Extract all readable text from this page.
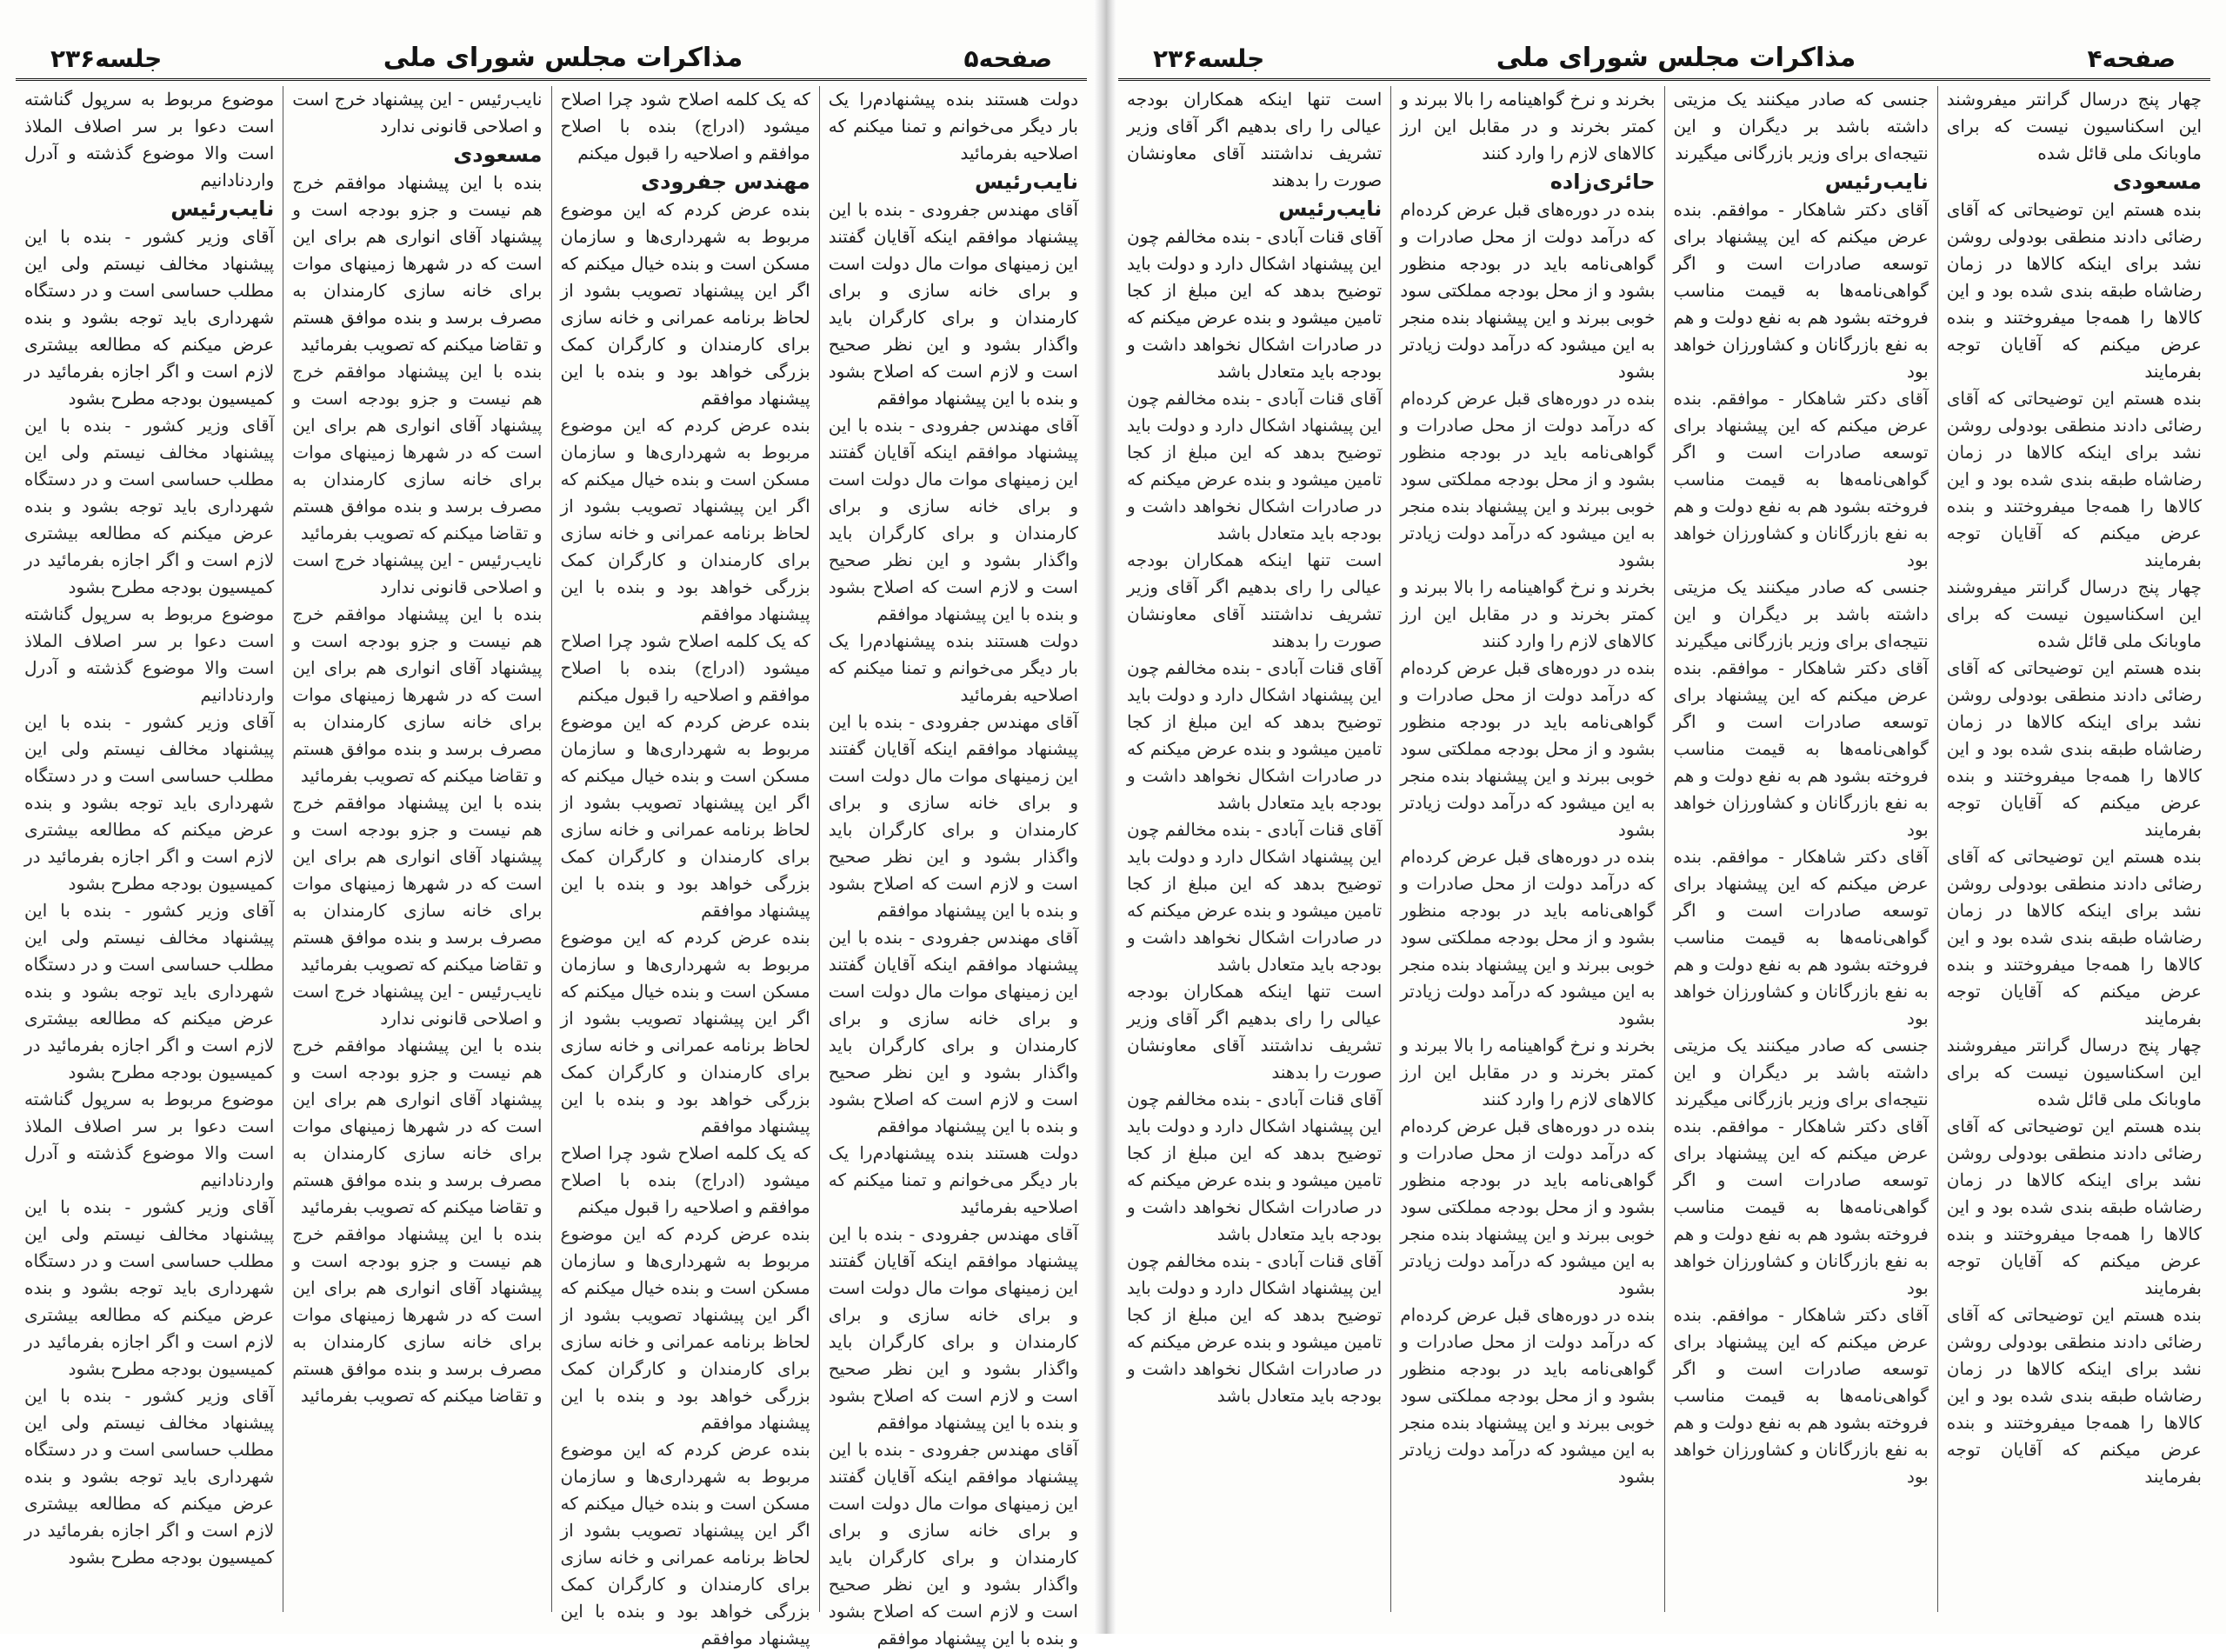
صفحه۵
مذاکرات مجلس شورای ملی
جلسه۲۳۶

دولت هستند بنده پیشنهادم‌را یک بار دیگر می‌خوانم و تمنا میکنم که اصلاحیه بفرمائید

نایب‌رئیس

آقای مهندس جفرودی - بنده با این پیشنهاد موافقم اینکه آقایان گفتند این زمینهای موات مال دولت است و برای خانه سازی و برای کارمندان و برای کارگران باید واگذار بشود و این نظر صحیح است و لازم است که اصلاح بشود و بنده با این پیشنهاد موافقم

آقای مهندس جفرودی - بنده با این پیشنهاد موافقم اینکه آقایان گفتند این زمینهای موات مال دولت است و برای خانه سازی و برای کارمندان و برای کارگران باید واگذار بشود و این نظر صحیح است و لازم است که اصلاح بشود و بنده با این پیشنهاد موافقم

دولت هستند بنده پیشنهادم‌را یک بار دیگر می‌خوانم و تمنا میکنم که اصلاحیه بفرمائید

آقای مهندس جفرودی - بنده با این پیشنهاد موافقم اینکه آقایان گفتند این زمینهای موات مال دولت است و برای خانه سازی و برای کارمندان و برای کارگران باید واگذار بشود و این نظر صحیح است و لازم است که اصلاح بشود و بنده با این پیشنهاد موافقم

آقای مهندس جفرودی - بنده با این پیشنهاد موافقم اینکه آقایان گفتند این زمینهای موات مال دولت است و برای خانه سازی و برای کارمندان و برای کارگران باید واگذار بشود و این نظر صحیح است و لازم است که اصلاح بشود و بنده با این پیشنهاد موافقم

دولت هستند بنده پیشنهادم‌را یک بار دیگر می‌خوانم و تمنا میکنم که اصلاحیه بفرمائید

آقای مهندس جفرودی - بنده با این پیشنهاد موافقم اینکه آقایان گفتند این زمینهای موات مال دولت است و برای خانه سازی و برای کارمندان و برای کارگران باید واگذار بشود و این نظر صحیح است و لازم است که اصلاح بشود و بنده با این پیشنهاد موافقم

آقای مهندس جفرودی - بنده با این پیشنهاد موافقم اینکه آقایان گفتند این زمینهای موات مال دولت است و برای خانه سازی و برای کارمندان و برای کارگران باید واگذار بشود و این نظر صحیح است و لازم است که اصلاح بشود و بنده با این پیشنهاد موافقم

که یک کلمه اصلاح شود چرا اصلاح میشود (ادراج) بنده با اصلاح موافقم و اصلاحیه را قبول میکنم

مهندس جفرودی

بنده عرض کردم که این موضوع مربوط به شهرداری‌ها و سازمان مسکن است و بنده خیال میکنم که اگر این پیشنهاد تصویب بشود از لحاظ برنامه عمرانی و خانه سازی برای کارمندان و کارگران کمک بزرگی خواهد بود و بنده با این پیشنهاد موافقم

بنده عرض کردم که این موضوع مربوط به شهرداری‌ها و سازمان مسکن است و بنده خیال میکنم که اگر این پیشنهاد تصویب بشود از لحاظ برنامه عمرانی و خانه سازی برای کارمندان و کارگران کمک بزرگی خواهد بود و بنده با این پیشنهاد موافقم

که یک کلمه اصلاح شود چرا اصلاح میشود (ادراج) بنده با اصلاح موافقم و اصلاحیه را قبول میکنم

بنده عرض کردم که این موضوع مربوط به شهرداری‌ها و سازمان مسکن است و بنده خیال میکنم که اگر این پیشنهاد تصویب بشود از لحاظ برنامه عمرانی و خانه سازی برای کارمندان و کارگران کمک بزرگی خواهد بود و بنده با این پیشنهاد موافقم

بنده عرض کردم که این موضوع مربوط به شهرداری‌ها و سازمان مسکن است و بنده خیال میکنم که اگر این پیشنهاد تصویب بشود از لحاظ برنامه عمرانی و خانه سازی برای کارمندان و کارگران کمک بزرگی خواهد بود و بنده با این پیشنهاد موافقم

که یک کلمه اصلاح شود چرا اصلاح میشود (ادراج) بنده با اصلاح موافقم و اصلاحیه را قبول میکنم

بنده عرض کردم که این موضوع مربوط به شهرداری‌ها و سازمان مسکن است و بنده خیال میکنم که اگر این پیشنهاد تصویب بشود از لحاظ برنامه عمرانی و خانه سازی برای کارمندان و کارگران کمک بزرگی خواهد بود و بنده با این پیشنهاد موافقم

بنده عرض کردم که این موضوع مربوط به شهرداری‌ها و سازمان مسکن است و بنده خیال میکنم که اگر این پیشنهاد تصویب بشود از لحاظ برنامه عمرانی و خانه سازی برای کارمندان و کارگران کمک بزرگی خواهد بود و بنده با این پیشنهاد موافقم

نایب‌رئیس - این پیشنهاد خرج است و اصلاحی قانونی ندارد

مسعودی

بنده با این پیشنهاد موافقم خرج هم نیست و جزو بودجه است و پیشنهاد آقای انواری هم برای این است که در شهرها زمینهای موات برای خانه سازی کارمندان به مصرف برسد و بنده موافق هستم و تقاضا میکنم که تصویب بفرمائید

بنده با این پیشنهاد موافقم خرج هم نیست و جزو بودجه است و پیشنهاد آقای انواری هم برای این است که در شهرها زمینهای موات برای خانه سازی کارمندان به مصرف برسد و بنده موافق هستم و تقاضا میکنم که تصویب بفرمائید

نایب‌رئیس - این پیشنهاد خرج است و اصلاحی قانونی ندارد

بنده با این پیشنهاد موافقم خرج هم نیست و جزو بودجه است و پیشنهاد آقای انواری هم برای این است که در شهرها زمینهای موات برای خانه سازی کارمندان به مصرف برسد و بنده موافق هستم و تقاضا میکنم که تصویب بفرمائید

بنده با این پیشنهاد موافقم خرج هم نیست و جزو بودجه است و پیشنهاد آقای انواری هم برای این است که در شهرها زمینهای موات برای خانه سازی کارمندان به مصرف برسد و بنده موافق هستم و تقاضا میکنم که تصویب بفرمائید

نایب‌رئیس - این پیشنهاد خرج است و اصلاحی قانونی ندارد

بنده با این پیشنهاد موافقم خرج هم نیست و جزو بودجه است و پیشنهاد آقای انواری هم برای این است که در شهرها زمینهای موات برای خانه سازی کارمندان به مصرف برسد و بنده موافق هستم و تقاضا میکنم که تصویب بفرمائید

بنده با این پیشنهاد موافقم خرج هم نیست و جزو بودجه است و پیشنهاد آقای انواری هم برای این است که در شهرها زمینهای موات برای خانه سازی کارمندان به مصرف برسد و بنده موافق هستم و تقاضا میکنم که تصویب بفرمائید

موضوع مربوط به سرپول گناشته است دعوا بر سر اصلاف الملاذ است والا موضوع گذشته و آدرل واردنادانیم

نایب‌رئیس

آقای وزیر کشور - بنده با این پیشنهاد مخالف نیستم ولی این مطلب حساسی است و در دستگاه شهرداری باید توجه بشود و بنده عرض میکنم که مطالعه بیشتری لازم است و اگر اجازه بفرمائید در کمیسیون بودجه مطرح بشود

آقای وزیر کشور - بنده با این پیشنهاد مخالف نیستم ولی این مطلب حساسی است و در دستگاه شهرداری باید توجه بشود و بنده عرض میکنم که مطالعه بیشتری لازم است و اگر اجازه بفرمائید در کمیسیون بودجه مطرح بشود

موضوع مربوط به سرپول گناشته است دعوا بر سر اصلاف الملاذ است والا موضوع گذشته و آدرل واردنادانیم

آقای وزیر کشور - بنده با این پیشنهاد مخالف نیستم ولی این مطلب حساسی است و در دستگاه شهرداری باید توجه بشود و بنده عرض میکنم که مطالعه بیشتری لازم است و اگر اجازه بفرمائید در کمیسیون بودجه مطرح بشود

آقای وزیر کشور - بنده با این پیشنهاد مخالف نیستم ولی این مطلب حساسی است و در دستگاه شهرداری باید توجه بشود و بنده عرض میکنم که مطالعه بیشتری لازم است و اگر اجازه بفرمائید در کمیسیون بودجه مطرح بشود

موضوع مربوط به سرپول گناشته است دعوا بر سر اصلاف الملاذ است والا موضوع گذشته و آدرل واردنادانیم

آقای وزیر کشور - بنده با این پیشنهاد مخالف نیستم ولی این مطلب حساسی است و در دستگاه شهرداری باید توجه بشود و بنده عرض میکنم که مطالعه بیشتری لازم است و اگر اجازه بفرمائید در کمیسیون بودجه مطرح بشود

آقای وزیر کشور - بنده با این پیشنهاد مخالف نیستم ولی این مطلب حساسی است و در دستگاه شهرداری باید توجه بشود و بنده عرض میکنم که مطالعه بیشتری لازم است و اگر اجازه بفرمائید در کمیسیون بودجه مطرح بشود

صفحه۴
مذاکرات مجلس شورای ملی
جلسه۲۳۶

چهار پنج درسال گرانتر میفروشند این اسکناسیون نیست که برای ماوبانک ملی قائل شده

مسعودی

بنده هستم این توضیحاتی که آقای رضائی دادند منطقی بودولی روشن نشد برای اینکه کالاها در زمان رضاشاه طبقه بندی شده بود و این کالاها را همه‌جا میفروختند و بنده عرض میکنم که آقایان توجه بفرمایند

بنده هستم این توضیحاتی که آقای رضائی دادند منطقی بودولی روشن نشد برای اینکه کالاها در زمان رضاشاه طبقه بندی شده بود و این کالاها را همه‌جا میفروختند و بنده عرض میکنم که آقایان توجه بفرمایند

چهار پنج درسال گرانتر میفروشند این اسکناسیون نیست که برای ماوبانک ملی قائل شده

بنده هستم این توضیحاتی که آقای رضائی دادند منطقی بودولی روشن نشد برای اینکه کالاها در زمان رضاشاه طبقه بندی شده بود و این کالاها را همه‌جا میفروختند و بنده عرض میکنم که آقایان توجه بفرمایند

بنده هستم این توضیحاتی که آقای رضائی دادند منطقی بودولی روشن نشد برای اینکه کالاها در زمان رضاشاه طبقه بندی شده بود و این کالاها را همه‌جا میفروختند و بنده عرض میکنم که آقایان توجه بفرمایند

چهار پنج درسال گرانتر میفروشند این اسکناسیون نیست که برای ماوبانک ملی قائل شده

بنده هستم این توضیحاتی که آقای رضائی دادند منطقی بودولی روشن نشد برای اینکه کالاها در زمان رضاشاه طبقه بندی شده بود و این کالاها را همه‌جا میفروختند و بنده عرض میکنم که آقایان توجه بفرمایند

بنده هستم این توضیحاتی که آقای رضائی دادند منطقی بودولی روشن نشد برای اینکه کالاها در زمان رضاشاه طبقه بندی شده بود و این کالاها را همه‌جا میفروختند و بنده عرض میکنم که آقایان توجه بفرمایند

جنسی که صادر میکنند یک مزیتی داشته باشد بر دیگران و این نتیجه‌ای برای وزیر بازرگانی میگیرند

نایب‌رئیس

آقای دکتر شاهکار - موافقم. بنده عرض میکنم که این پیشنهاد برای توسعه صادرات است و اگر گواهی‌نامه‌ها به قیمت مناسب فروخته بشود هم به نفع دولت و هم به نفع بازرگانان و کشاورزان خواهد بود

آقای دکتر شاهکار - موافقم. بنده عرض میکنم که این پیشنهاد برای توسعه صادرات است و اگر گواهی‌نامه‌ها به قیمت مناسب فروخته بشود هم به نفع دولت و هم به نفع بازرگانان و کشاورزان خواهد بود

جنسی که صادر میکنند یک مزیتی داشته باشد بر دیگران و این نتیجه‌ای برای وزیر بازرگانی میگیرند

آقای دکتر شاهکار - موافقم. بنده عرض میکنم که این پیشنهاد برای توسعه صادرات است و اگر گواهی‌نامه‌ها به قیمت مناسب فروخته بشود هم به نفع دولت و هم به نفع بازرگانان و کشاورزان خواهد بود

آقای دکتر شاهکار - موافقم. بنده عرض میکنم که این پیشنهاد برای توسعه صادرات است و اگر گواهی‌نامه‌ها به قیمت مناسب فروخته بشود هم به نفع دولت و هم به نفع بازرگانان و کشاورزان خواهد بود

جنسی که صادر میکنند یک مزیتی داشته باشد بر دیگران و این نتیجه‌ای برای وزیر بازرگانی میگیرند

آقای دکتر شاهکار - موافقم. بنده عرض میکنم که این پیشنهاد برای توسعه صادرات است و اگر گواهی‌نامه‌ها به قیمت مناسب فروخته بشود هم به نفع دولت و هم به نفع بازرگانان و کشاورزان خواهد بود

آقای دکتر شاهکار - موافقم. بنده عرض میکنم که این پیشنهاد برای توسعه صادرات است و اگر گواهی‌نامه‌ها به قیمت مناسب فروخته بشود هم به نفع دولت و هم به نفع بازرگانان و کشاورزان خواهد بود

بخرند و نرخ گواهینامه‌ را بالا ببرند و کمتر بخرند و در مقابل این ارز کالاهای لازم را وارد کنند

حائری‌زاده

بنده در دوره‌های قبل عرض کرده‌ام که درآمد دولت از محل صادرات و گواهی‌نامه باید در بودجه منظور بشود و از محل بودجه مملکتی سود خوبی ببرند و این پیشنهاد بنده منجر به این میشود که درآمد دولت زیادتر بشود

بنده در دوره‌های قبل عرض کرده‌ام که درآمد دولت از محل صادرات و گواهی‌نامه باید در بودجه منظور بشود و از محل بودجه مملکتی سود خوبی ببرند و این پیشنهاد بنده منجر به این میشود که درآمد دولت زیادتر بشود

بخرند و نرخ گواهینامه‌ را بالا ببرند و کمتر بخرند و در مقابل این ارز کالاهای لازم را وارد کنند

بنده در دوره‌های قبل عرض کرده‌ام که درآمد دولت از محل صادرات و گواهی‌نامه باید در بودجه منظور بشود و از محل بودجه مملکتی سود خوبی ببرند و این پیشنهاد بنده منجر به این میشود که درآمد دولت زیادتر بشود

بنده در دوره‌های قبل عرض کرده‌ام که درآمد دولت از محل صادرات و گواهی‌نامه باید در بودجه منظور بشود و از محل بودجه مملکتی سود خوبی ببرند و این پیشنهاد بنده منجر به این میشود که درآمد دولت زیادتر بشود

بخرند و نرخ گواهینامه‌ را بالا ببرند و کمتر بخرند و در مقابل این ارز کالاهای لازم را وارد کنند

بنده در دوره‌های قبل عرض کرده‌ام که درآمد دولت از محل صادرات و گواهی‌نامه باید در بودجه منظور بشود و از محل بودجه مملکتی سود خوبی ببرند و این پیشنهاد بنده منجر به این میشود که درآمد دولت زیادتر بشود

بنده در دوره‌های قبل عرض کرده‌ام که درآمد دولت از محل صادرات و گواهی‌نامه باید در بودجه منظور بشود و از محل بودجه مملکتی سود خوبی ببرند و این پیشنهاد بنده منجر به این میشود که درآمد دولت زیادتر بشود

است تنها اینکه‌ همکاران بودجه عیالی را رای بدهیم اگر آقای وزیر تشریف نداشتند آقای معاونشان صورت را بدهند

نایب‌رئیس

آقای قنات آبادی - بنده مخالفم چون این پیشنهاد اشکال دارد و دولت باید توضیح بدهد که این مبلغ از کجا تامین میشود و بنده عرض میکنم که در صادرات اشکال نخواهد داشت و بودجه باید متعادل باشد

آقای قنات آبادی - بنده مخالفم چون این پیشنهاد اشکال دارد و دولت باید توضیح بدهد که این مبلغ از کجا تامین میشود و بنده عرض میکنم که در صادرات اشکال نخواهد داشت و بودجه باید متعادل باشد

است تنها اینکه‌ همکاران بودجه عیالی را رای بدهیم اگر آقای وزیر تشریف نداشتند آقای معاونشان صورت را بدهند

آقای قنات آبادی - بنده مخالفم چون این پیشنهاد اشکال دارد و دولت باید توضیح بدهد که این مبلغ از کجا تامین میشود و بنده عرض میکنم که در صادرات اشکال نخواهد داشت و بودجه باید متعادل باشد

آقای قنات آبادی - بنده مخالفم چون این پیشنهاد اشکال دارد و دولت باید توضیح بدهد که این مبلغ از کجا تامین میشود و بنده عرض میکنم که در صادرات اشکال نخواهد داشت و بودجه باید متعادل باشد

است تنها اینکه‌ همکاران بودجه عیالی را رای بدهیم اگر آقای وزیر تشریف نداشتند آقای معاونشان صورت را بدهند

آقای قنات آبادی - بنده مخالفم چون این پیشنهاد اشکال دارد و دولت باید توضیح بدهد که این مبلغ از کجا تامین میشود و بنده عرض میکنم که در صادرات اشکال نخواهد داشت و بودجه باید متعادل باشد

آقای قنات آبادی - بنده مخالفم چون این پیشنهاد اشکال دارد و دولت باید توضیح بدهد که این مبلغ از کجا تامین میشود و بنده عرض میکنم که در صادرات اشکال نخواهد داشت و بودجه باید متعادل باشد
